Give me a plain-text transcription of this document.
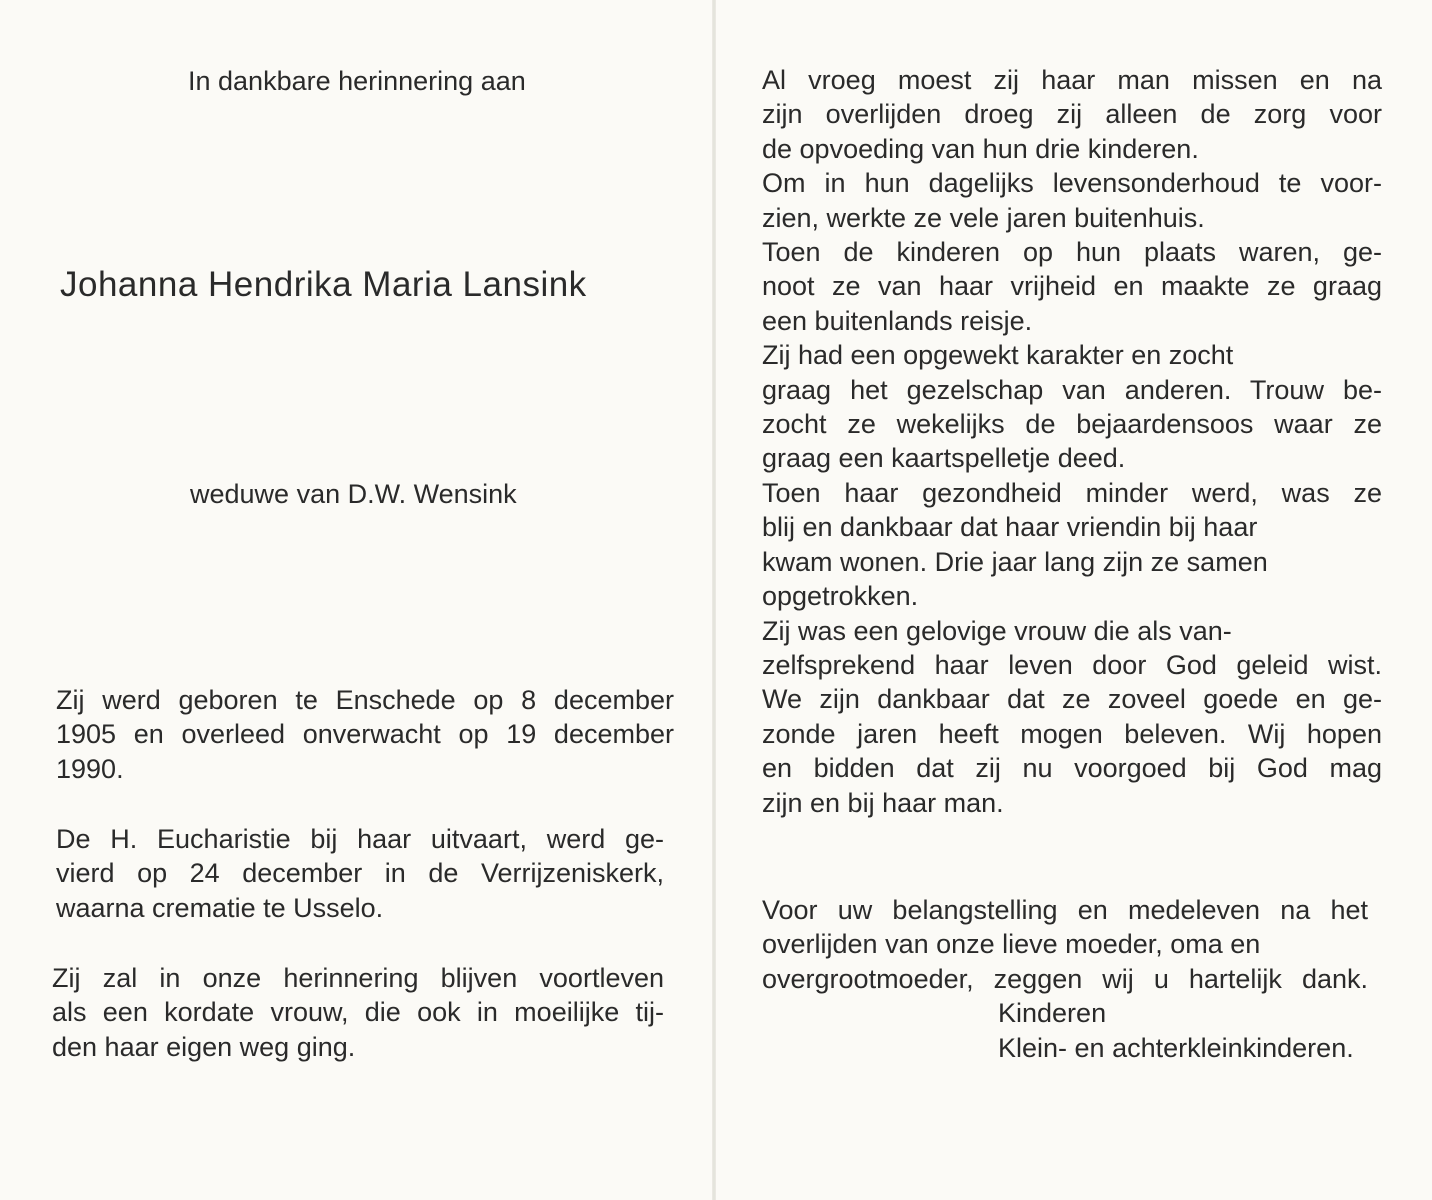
In dankbare herinnering aan

Johanna Hendrika Maria Lansink

weduwe van D.W. Wensink

Zij werd geboren te Enschede op 8 december
1905 en overleed onverwacht op 19 december
1990.
De H. Eucharistie bij haar uitvaart, werd ge-
vierd op 24 december in de Verrijzeniskerk,
waarna crematie te Usselo.
Zij zal in onze herinnering blijven voortleven
als een kordate vrouw, die ook in moeilijke tij-
den haar eigen weg ging.
Al vroeg moest zij haar man missen en na
zijn overlijden droeg zij alleen de zorg voor
de opvoeding van hun drie kinderen.
Om in hun dagelijks levensonderhoud te voor-
zien, werkte ze vele jaren buitenhuis.
Toen de kinderen op hun plaats waren, ge-
noot ze van haar vrijheid en maakte ze graag
een buitenlands reisje.
Zij had een opgewekt karakter en zocht
graag het gezelschap van anderen. Trouw be-
zocht ze wekelijks de bejaardensoos waar ze
graag een kaartspelletje deed.
Toen haar gezondheid minder werd, was ze
blij en dankbaar dat haar vriendin bij haar
kwam wonen. Drie jaar lang zijn ze samen
opgetrokken.
Zij was een gelovige vrouw die als van-
zelfsprekend haar leven door God geleid wist.
We zijn dankbaar dat ze zoveel goede en ge-
zonde jaren heeft mogen beleven. Wij hopen
en bidden dat zij nu voorgoed bij God mag
zijn en bij haar man.
Voor uw belangstelling en medeleven na het
overlijden van onze lieve moeder, oma en
overgrootmoeder, zeggen wij u hartelijk dank.

Kinderen

Klein- en achterkleinkinderen.
